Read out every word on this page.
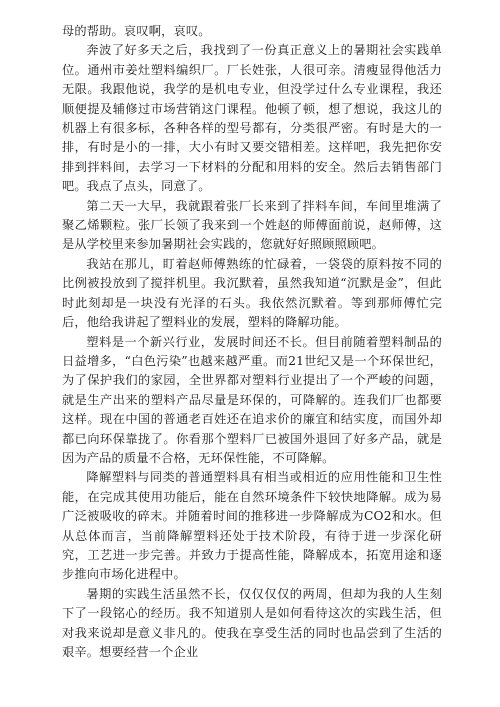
母的帮助。哀叹啊，哀叹。

奔波了好多天之后，我找到了一份真正意义上的暑期社会实践单位。通州市姜灶塑料编织厂。厂长姓张，人很可亲。清瘦显得他活力无限。我跟他说，我学的是机电专业，但没学过什么专业课程，我还顺便提及辅修过市场营销这门课程。他顿了顿，想了想说，我这儿的机器上有很多标，各种各样的型号都有，分类很严密。有时是大的一排，有时是小的一排，大小有时又要交错相差。这样吧，我先把你安排到拌料间，去学习一下材料的分配和用料的安全。然后去销售部门吧。我点了点头，同意了。

第二天一大早，我就跟着张厂长来到了拌料车间，车间里堆满了聚乙烯颗粒。张厂长领了我来到一个姓赵的师傅面前说，赵师傅，这是从学校里来参加暑期社会实践的，您就好好照顾照顾吧。

我站在那儿，盯着赵师傅熟练的忙碌着，一袋袋的原料按不同的比例被投放到了搅拌机里。我沉默着，虽然我知道“沉默是金”，但此时此刻却是一块没有光泽的石头。我依然沉默着。等到那师傅忙完后，他给我讲起了塑料业的发展，塑料的降解功能。

塑料是一个新兴行业，发展时间还不长。但目前随着塑料制品的日益增多，“白色污染”也越来越严重。而21世纪又是一个环保世纪，为了保护我们的家园，全世界都对塑料行业提出了一个严峻的问题，就是生产出来的塑料产品尽量是环保的，可降解的。连我们厂也都要这样。现在中国的普通老百姓还在追求价的廉宜和结实度，而国外却都已向环保靠拢了。你看那个塑料厂已被国外退回了好多产品，就是因为产品的质量不合格，无环保性能，不可降解。

降解塑料与同类的普通塑料具有相当或相近的应用性能和卫生性能，在完成其使用功能后，能在自然环境条件下较快地降解。成为易广泛被吸收的碎末。并随着时间的推移进一步降解成为CO2和水。但从总体而言，当前降解塑料还处于技术阶段，有待于进一步深化研究，工艺进一步完善。并致力于提高性能，降解成本，拓宽用途和逐步推向市场化进程中。

暑期的实践生活虽然不长，仅仅仅仅的两周，但却为我的人生刻下了一段铭心的经历。我不知道别人是如何看待这次的实践生活，但对我来说却是意义非凡的。使我在享受生活的同时也品尝到了生活的艰辛。想要经营一个企业
